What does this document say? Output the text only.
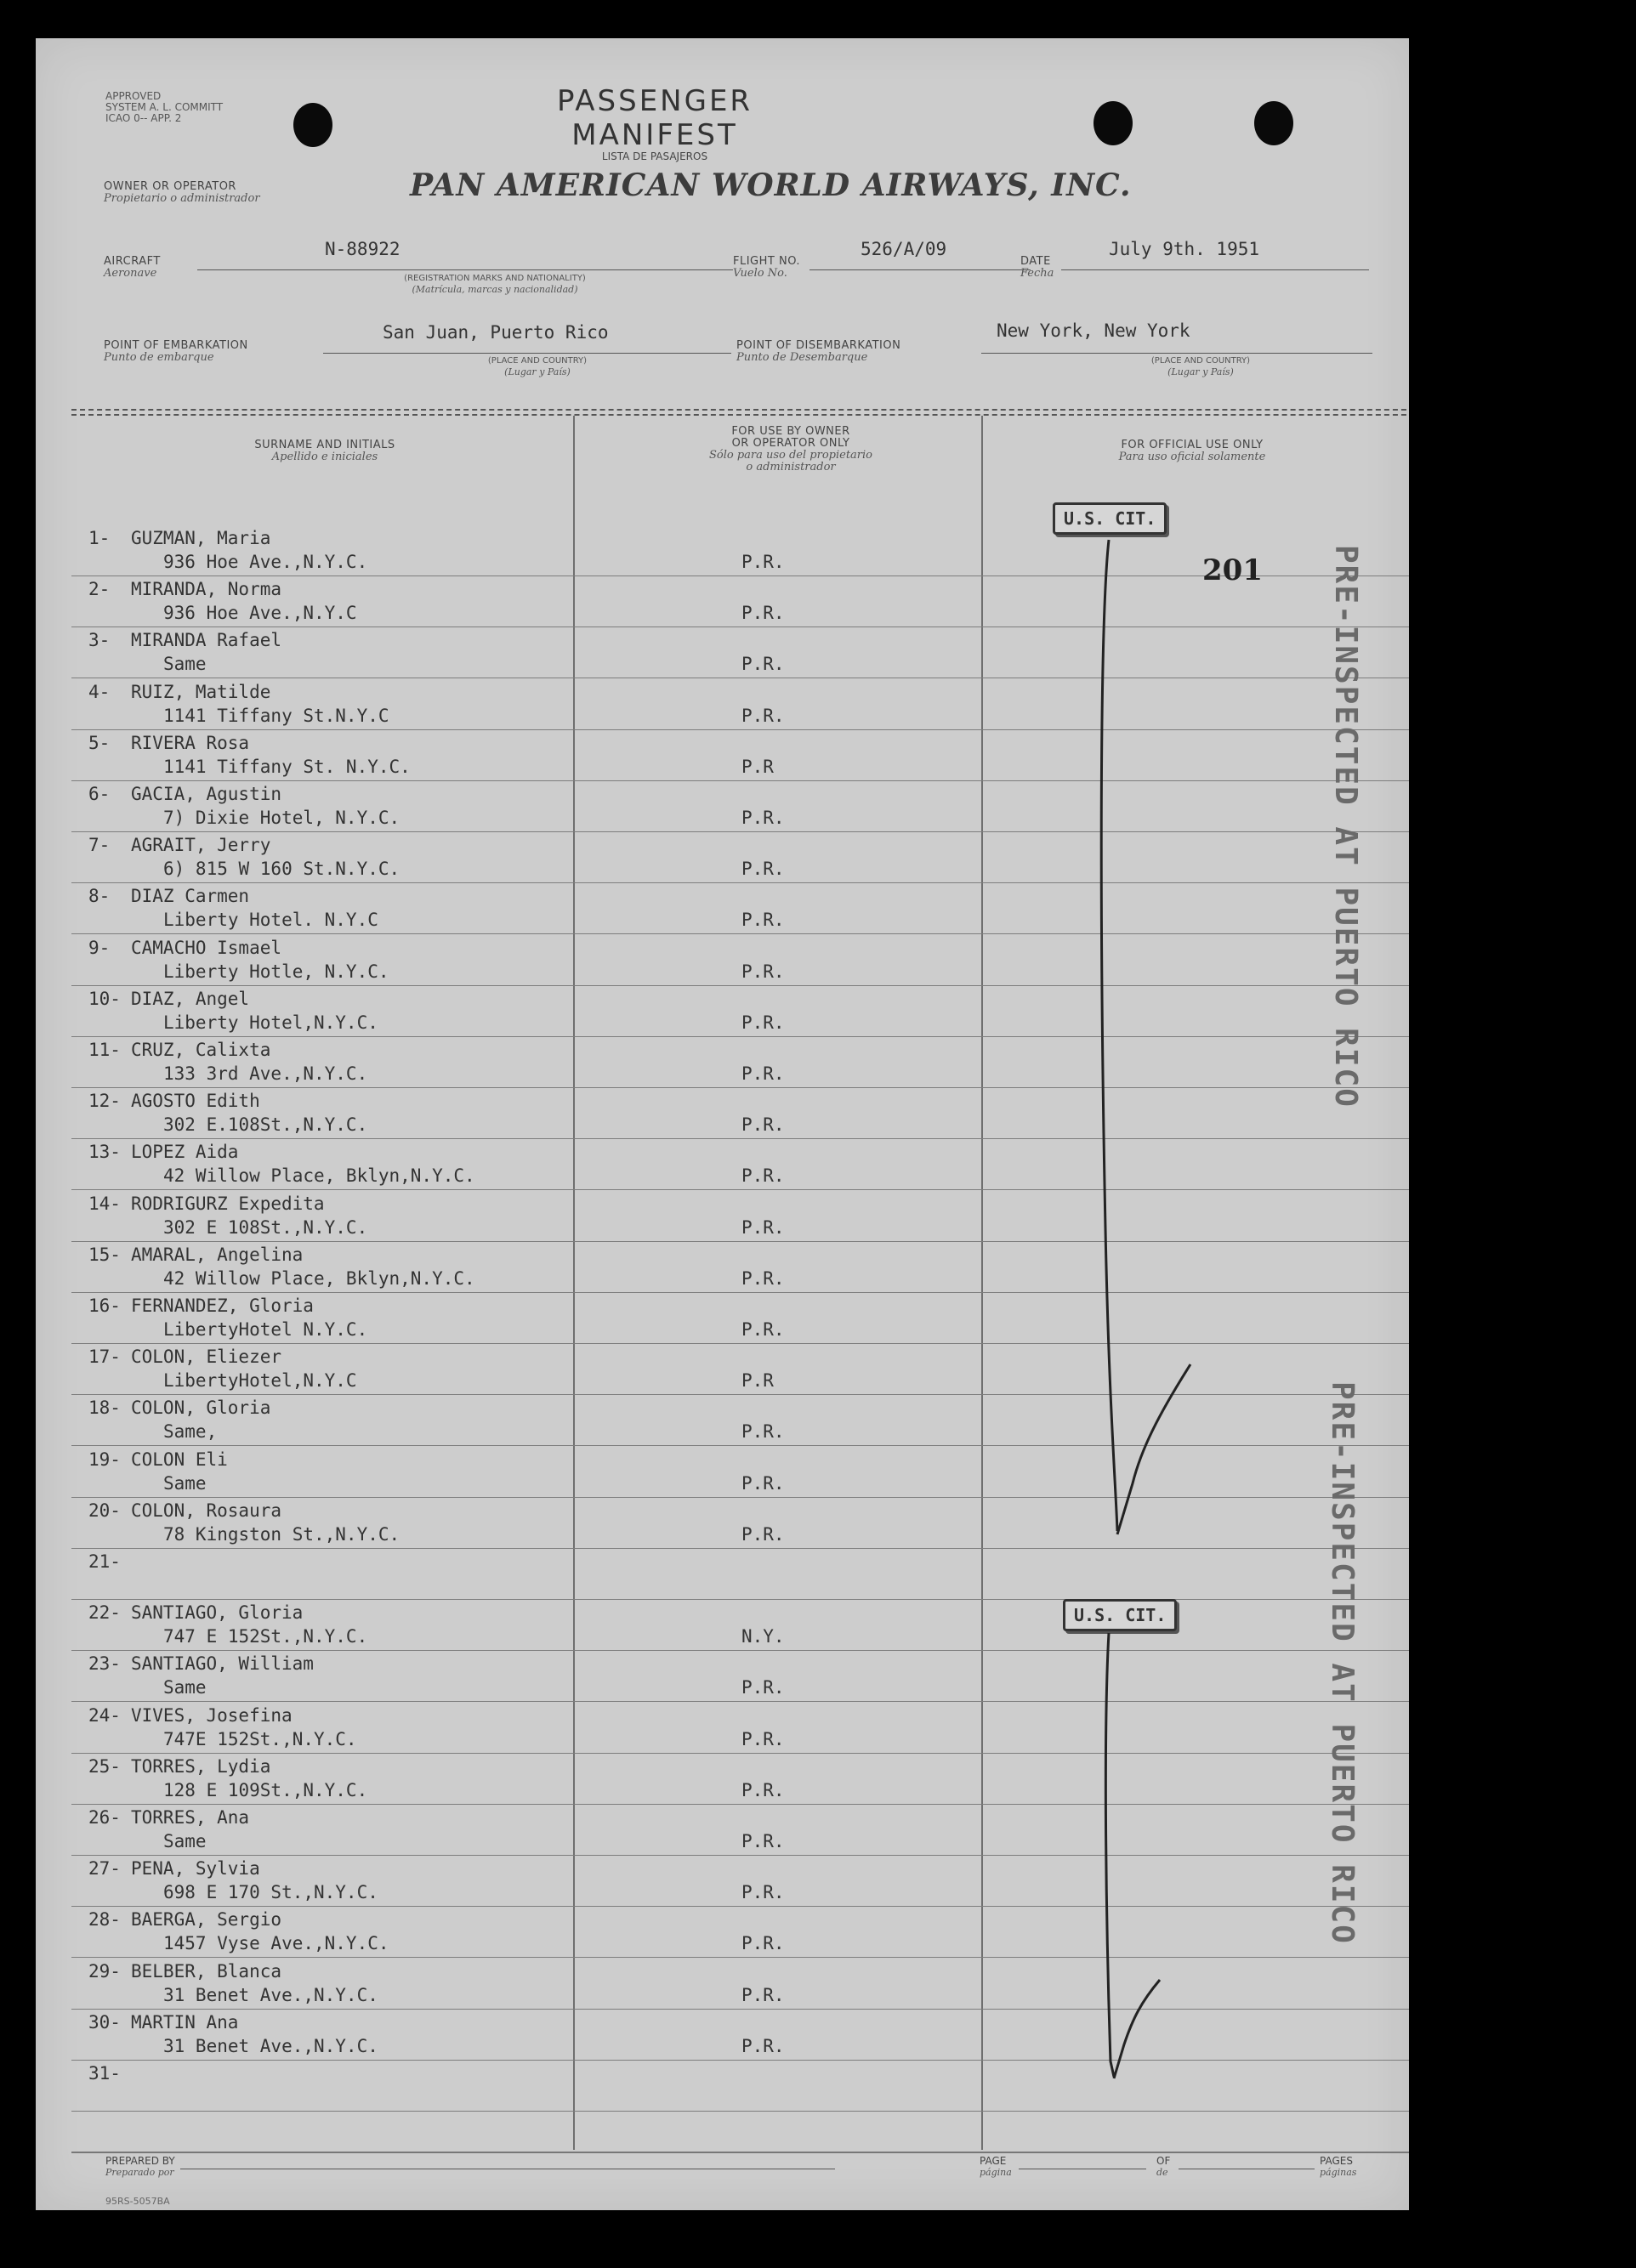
APPROVED
SYSTEM A. L. COMMITT
ICAO 0-- APP. 2	PASSENGER MANIFEST
LISTA DE PASAJEROS
OWNER OR OPERATOR
Propietario o administrador	PAN AMERICAN WORLD AIRWAYS, INC.
AIRCRAFT
Aeronave
N-88922
(REGISTRATION MARKS AND NATIONALITY)
(Matrícula, marcas y nacionalidad)
FLIGHT NO.
Vuelo No.
526/A/09
DATE
Fecha
July 9th. 1951
POINT OF EMBARKATION
Punto de embarque
San Juan, Puerto Rico
(PLACE AND COUNTRY)
(Lugar y País)
POINT OF DISEMBARKATION
Punto de Desembarque
New York, New York
(PLACE AND COUNTRY)
(Lugar y País)
SURNAME AND INITIALS
Apellido e iniciales
FOR USE BY OWNER
OR OPERATOR ONLY
Sólo para uso del propietario
o administrador
FOR OFFICIAL USE ONLY
Para uso oficial solamente
1- GUZMAN, Maria
936 Hoe Ave.,N.Y.C.	P.R.
2- MIRANDA, Norma
936 Hoe Ave.,N.Y.C	P.R.
3- MIRANDA Rafael
Same	P.R.
4- RUIZ, Matilde
1141 Tiffany St.N.Y.C	P.R.
5- RIVERA Rosa
1141 Tiffany St. N.Y.C.	P.R
6- GACIA, Agustin
7) Dixie Hotel, N.Y.C.	P.R.
7- AGRAIT, Jerry
6) 815 W 160 St.N.Y.C.	P.R.
8- DIAZ Carmen
Liberty Hotel. N.Y.C	P.R.
9- CAMACHO Ismael
Liberty Hotle, N.Y.C.	P.R.
10- DIAZ, Angel
Liberty Hotel,N.Y.C.	P.R.
11- CRUZ, Calixta
133 3rd Ave.,N.Y.C.	P.R.
12- AGOSTO Edith
302 E.108St.,N.Y.C.	P.R.
13- LOPEZ Aida
42 Willow Place, Bklyn,N.Y.C.	P.R.
14- RODRIGURZ Expedita
302 E 108St.,N.Y.C.	P.R.
15- AMARAL, Angelina
42 Willow Place, Bklyn,N.Y.C.	P.R.
16- FERNANDEZ, Gloria
LibertyHotel N.Y.C.	P.R.
17- COLON, Eliezer
LibertyHotel,N.Y.C	P.R
18- COLON, Gloria
Same,	P.R.
19- COLON Eli
Same	P.R.
20- COLON, Rosaura
78 Kingston St.,N.Y.C.	P.R.
21-
22- SANTIAGO, Gloria
747 E 152St.,N.Y.C.	N.Y.
23- SANTIAGO, William
Same	P.R.
24- VIVES, Josefina
747E 152St.,N.Y.C.	P.R.
25- TORRES, Lydia
128 E 109St.,N.Y.C.	P.R.
26- TORRES, Ana
Same	P.R.
27- PENA, Sylvia
698 E 170 St.,N.Y.C.	P.R.
28- BAERGA, Sergio
1457 Vyse Ave.,N.Y.C.	P.R.
29- BELBER, Blanca
31 Benet Ave.,N.Y.C.	P.R.
30- MARTIN Ana
31 Benet Ave.,N.Y.C.	P.R.
31-
U.S. CIT.
201 PRE-INSPECTED AT PUERTO RICO
U.S. CIT.	PRE-INSPECTED AT PUERTO RICO
PREPARED BY
Preparado por
PAGE
página
OF
de
PAGES
páginas
95RS-5057BA
